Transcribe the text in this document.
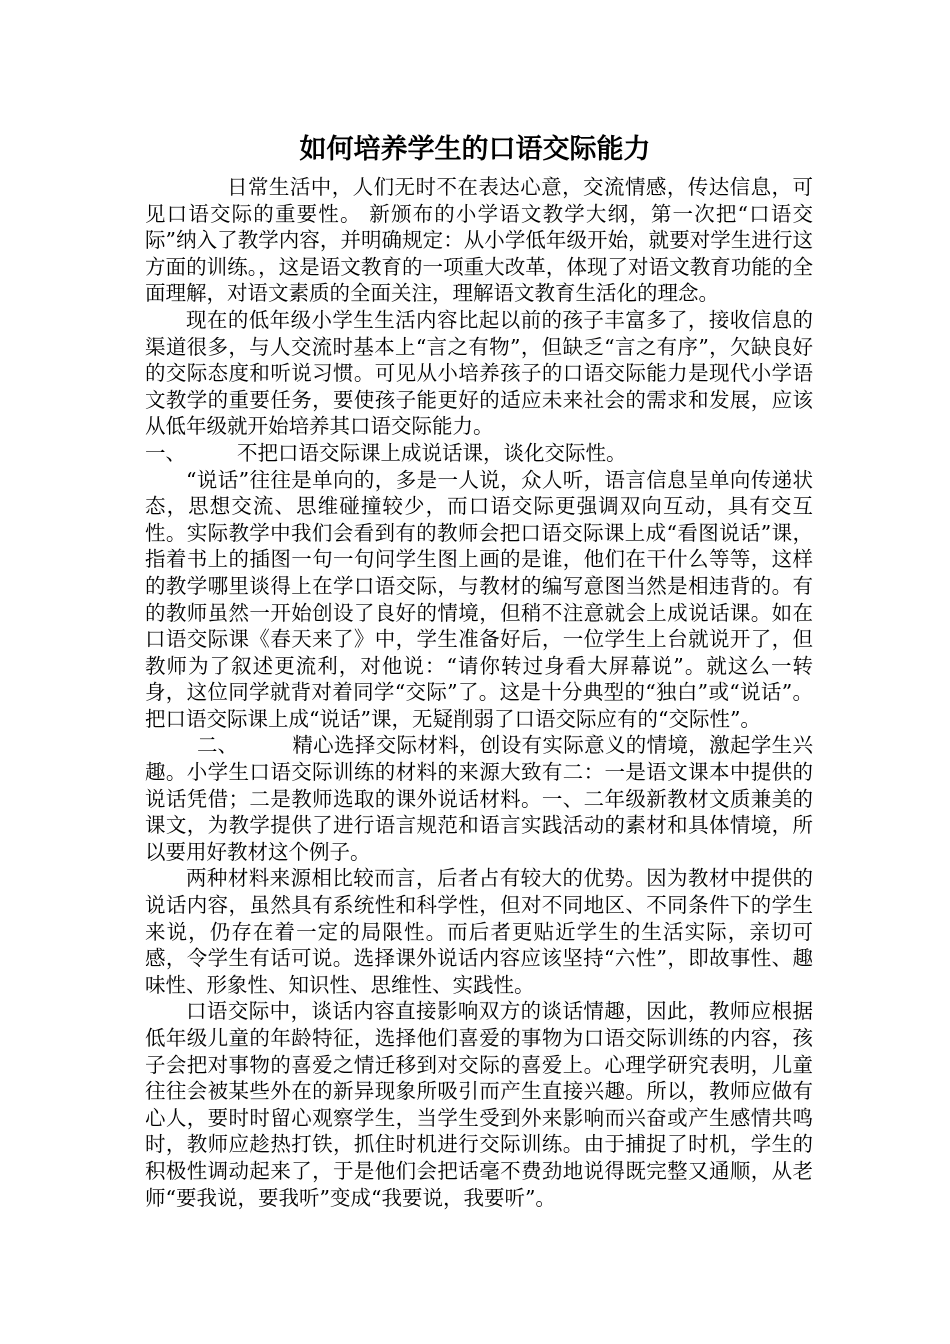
如何培养学生的口语交际能力

日常生活中，人们无时不在表达心意，交流情感，传达信息，可见口语交际的重要性。 新颁布的小学语文教学大纲，第一次把“口语交际”纳入了教学内容，并明确规定：从小学低年级开始，就要对学生进行这方面的训练。，这是语文教育的一项重大改革，体现了对语文教育功能的全面理解，对语文素质的全面关注，理解语文教育生活化的理念。

现在的低年级小学生生活内容比起以前的孩子丰富多了，接收信息的渠道很多，与人交流时基本上“言之有物”，但缺乏“言之有序”，欠缺良好的交际态度和听说习惯。可见从小培养孩子的口语交际能力是现代小学语文教学的重要任务，要使孩子能更好的适应未来社会的需求和发展，应该从低年级就开始培养其口语交际能力。

一、 不把口语交际课上成说话课，谈化交际性。

“说话”往往是单向的，多是一人说，众人听，语言信息呈单向传递状态，思想交流、思维碰撞较少，而口语交际更强调双向互动，具有交互性。实际教学中我们会看到有的教师会把口语交际课上成“看图说话”课，指着书上的插图一句一句问学生图上画的是谁，他们在干什么等等，这样的教学哪里谈得上在学口语交际，与教材的编写意图当然是相违背的。有的教师虽然一开始创设了良好的情境，但稍不注意就会上成说话课。如在口语交际课《春天来了》中，学生准备好后，一位学生上台就说开了，但教师为了叙述更流利，对他说：“请你转过身看大屏幕说”。就这么一转身，这位同学就背对着同学“交际”了。这是十分典型的“独白”或“说话”。把口语交际课上成“说话”课，无疑削弱了口语交际应有的“交际性”。

二、	精心选择交际材料，创设有实际意义的情境，激起学生兴趣。小学生口语交际训练的材料的来源大致有二：一是语文课本中提供的说话凭借；二是教师选取的课外说话材料。一、二年级新教材文质兼美的课文，为教学提供了进行语言规范和语言实践活动的素材和具体情境，所以要用好教材这个例子。

两种材料来源相比较而言，后者占有较大的优势。因为教材中提供的说话内容，虽然具有系统性和科学性，但对不同地区、不同条件下的学生来说，仍存在着一定的局限性。而后者更贴近学生的生活实际，亲切可感，令学生有话可说。选择课外说话内容应该坚持“六性”，即故事性、趣味性、形象性、知识性、思维性、实践性。

口语交际中，谈话内容直接影响双方的谈话情趣，因此，教师应根据低年级儿童的年龄特征，选择他们喜爱的事物为口语交际训练的内容，孩子会把对事物的喜爱之情迁移到对交际的喜爱上。心理学研究表明，儿童往往会被某些外在的新异现象所吸引而产生直接兴趣。所以，教师应做有心人，要时时留心观察学生，当学生受到外来影响而兴奋或产生感情共鸣时，教师应趁热打铁，抓住时机进行交际训练。由于捕捉了时机，学生的积极性调动起来了，于是他们会把话毫不费劲地说得既完整又通顺，从老师“要我说，要我听”变成“我要说，我要听”。
